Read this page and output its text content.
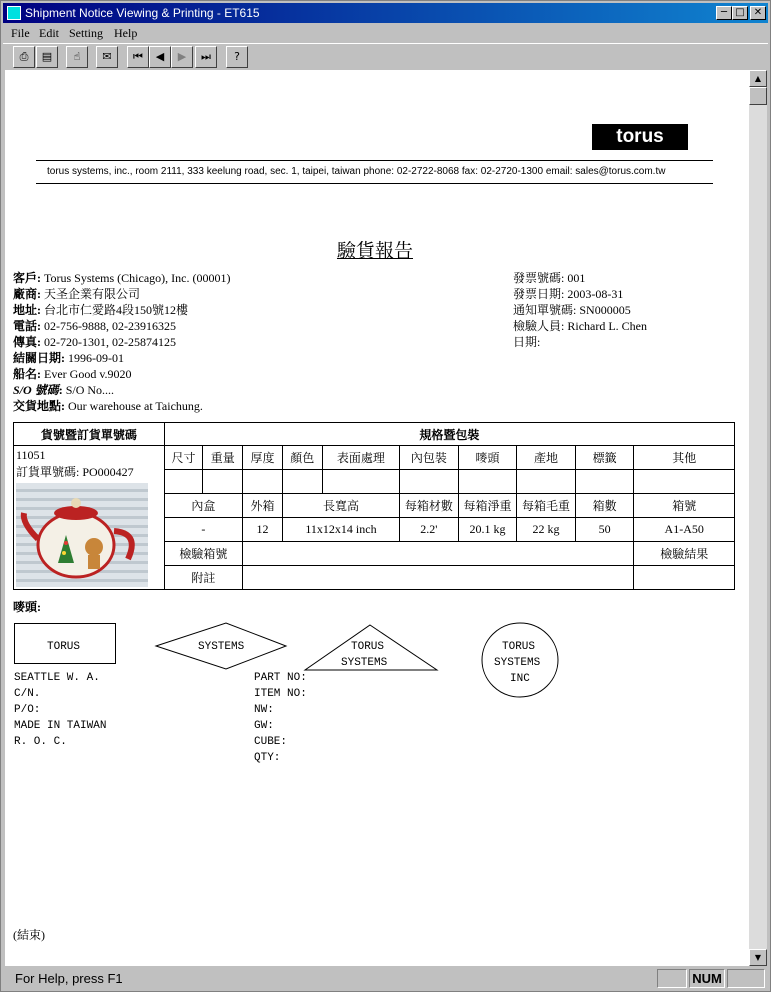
Shipment Notice Viewing & Printing - ET615	─ □ ✕
File Edit Setting Help
⎙	▤	☝	✉	⏮	◀	▶	⏭	?
torus
torus systems, inc., room 2111, 333 keelung road, sec. 1, taipei, taiwan phone: 02-2722-8068 fax: 02-2720-1300 email: sales@torus.com.tw
驗貨報告
客戶: Torus Systems (Chicago), Inc. (00001)
廠商: 天圣企業有限公司
地址: 台北市仁愛路4段150號12樓
電話: 02-756-9888, 02-23916325
傳真: 02-720-1301, 02-25874125
結關日期: 1996-09-01
船名: Ever Good v.9020
S/O 號碼: S/O No....
交貨地點: Our warehouse at Taichung.
發票號碼: 001
發票日期: 2003-08-31
通知單號碼: SN000005
檢驗人員: Richard L. Chen
日期:
貨號暨訂貨單號碼	規格暨包裝									

11051
訂貨單號碼: PO000427	尺寸	重量	厚度	顏色	表面處理	內包裝	嘜頭	產地	標籤	其他

	內盒		外箱	長寬高		每箱材數	每箱淨重	每箱毛重	箱數	箱號
	-		12	11x12x14 inch		2.2'	20.1 kg	22 kg	50	A1-A50
	檢驗箱號									檢驗結果
	附註									
嘜頭:
TORUS	SYSTEMS	TORUS
SYSTEMS
TORUS
SYSTEMS
INC
SEATTLE W. A.
C/N.
P/O:
MADE IN TAIWAN
R. O. C.
PART NO:
ITEM NO:
NW:
GW:
CUBE:
QTY:
(結束)
▲
▼
For Help, press F1	NUM
